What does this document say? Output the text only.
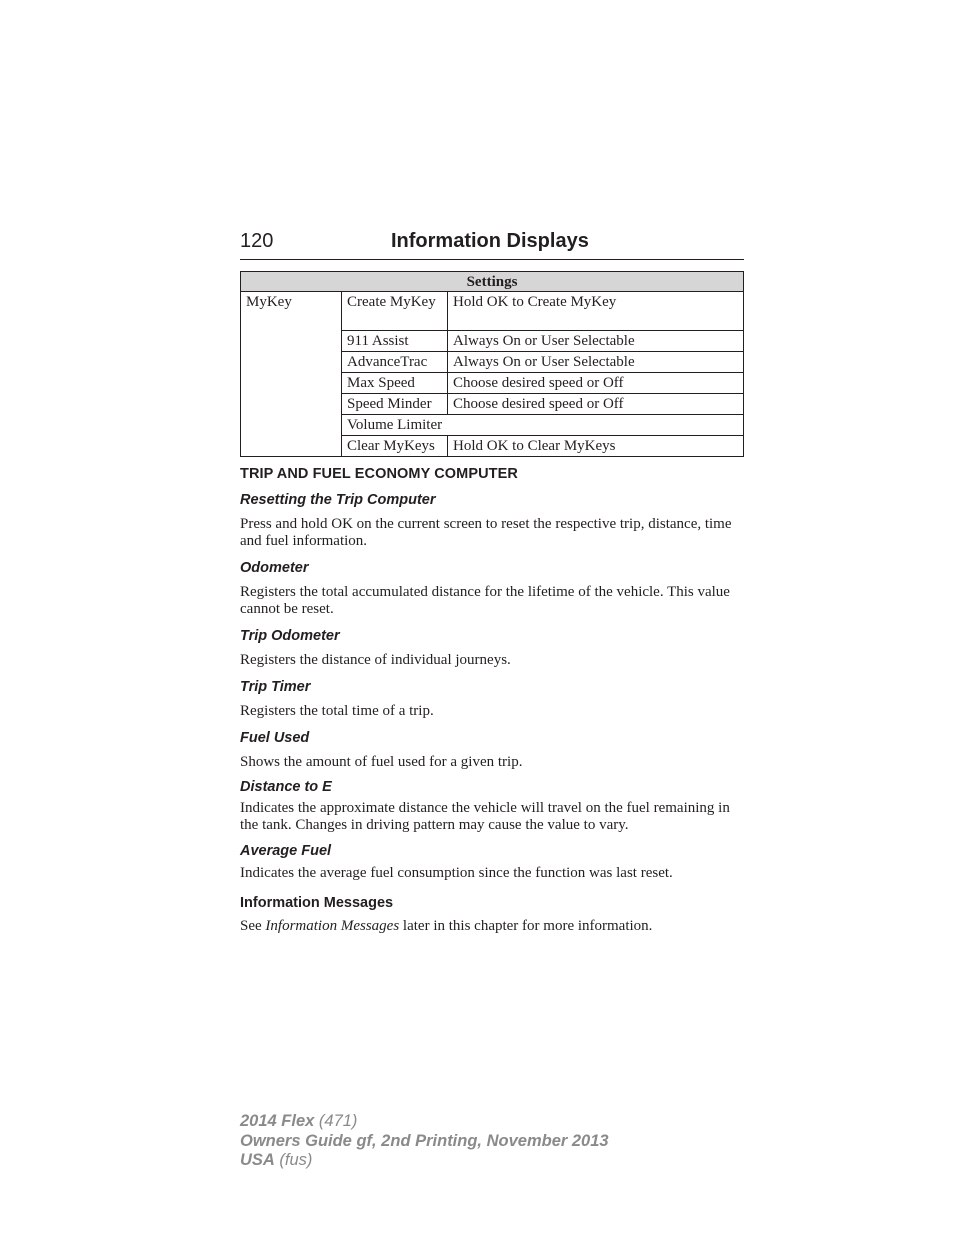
120	Information Displays
Settings		
MyKey	Create MyKey	Hold OK to Create MyKey
	911 Assist	Always On or User Selectable
	AdvanceTrac	Always On or User Selectable
	Max Speed	Choose desired speed or Off
	Speed Minder	Choose desired speed or Off
	Volume Limiter	
	Clear MyKeys	Hold OK to Clear MyKeys
TRIP AND FUEL ECONOMY COMPUTER
Resetting the Trip Computer
Press and hold OK on the current screen to reset the respective trip, distance, time and fuel information.
Odometer
Registers the total accumulated distance for the lifetime of the vehicle. This value cannot be reset.
Trip Odometer
Registers the distance of individual journeys.
Trip Timer
Registers the total time of a trip.
Fuel Used
Shows the amount of fuel used for a given trip.
Distance to E
Indicates the approximate distance the vehicle will travel on the fuel remaining in the tank. Changes in driving pattern may cause the value to vary.
Average Fuel
Indicates the average fuel consumption since the function was last reset.
Information Messages
See Information Messages later in this chapter for more information.
2014 Flex (471)
Owners Guide gf, 2nd Printing, November 2013
USA (fus)
